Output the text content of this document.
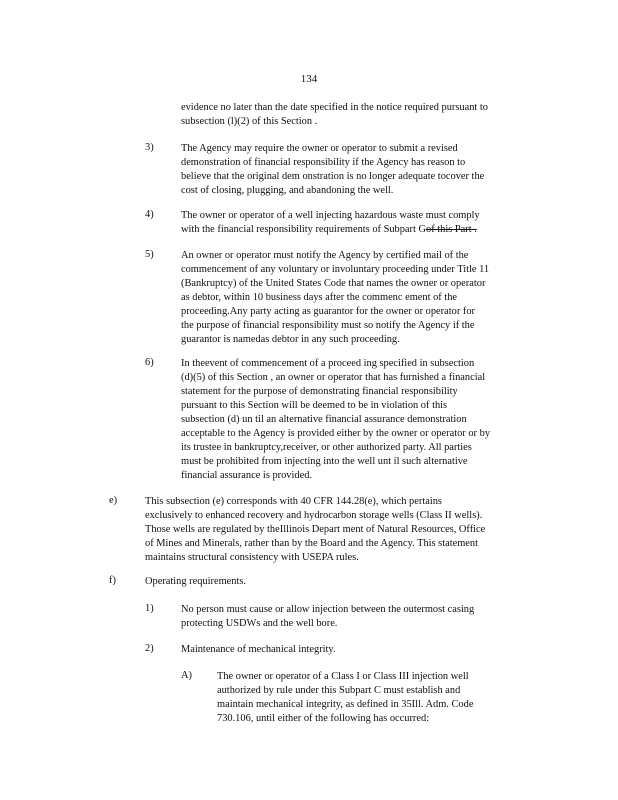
134
evidence no later than the date specified in the notice required pursuant to
subsection (l)(2) of this Section .
3)	The Agency may require the owner or operator to submit a revised
demonstration of financial responsibility if the Agency has reason to
believe that the original dem onstration is no longer adequate tocover the
cost of closing, plugging, and abandoning the well.
4)	The owner or operator of a well injecting hazardous waste must comply
with the financial responsibility requirements of Subpart Gof this Part .
5)	An owner or operator must notify the Agency by certified mail of the
commencement of any voluntary or involuntary proceeding under Title 11
(Bankruptcy) of the United States Code that names the owner or operator
as debtor, within 10 business days after the commenc ement of the
proceeding.Any party acting as guarantor for the owner or operator for
the purpose of financial responsibility must so notify the Agency if the
guarantor is namedas debtor in any such proceeding.
6)	In theevent of commencement of a proceed ing specified in subsection
(d)(5) of this Section , an owner or operator that has furnished a financial
statement for the purpose of demonstrating financial responsibility
pursuant to this Section will be deemed to be in violation of this
subsection (d) un til an alternative financial assurance demonstration
acceptable to the Agency is provided either by the owner or operator or by
its trustee in bankruptcy,receiver, or other authorized party. All parties
must be prohibited from injecting into the well unt il such alternative
financial assurance is provided.
e)	This subsection (e) corresponds with 40 CFR 144.28(e), which pertains
exclusively to enhanced recovery and hydrocarbon storage wells (Class II wells).
Those wells are regulated by theIllinois Depart ment of Natural Resources, Office
of Mines and Minerals, rather than by the Board and the Agency. This statement
maintains structural consistency with USEPA rules.
f)	Operating requirements.
1)	No person must cause or allow injection between the outermost casing
protecting USDWs and the well bore.
2)	Maintenance of mechanical integrity.
A) The owner or operator of a Class I or Class III injection well
authorized by rule under this Subpart C must establish and
maintain mechanical integrity, as defined in 35Ill. Adm. Code
730.106, until either of the following has occurred:
